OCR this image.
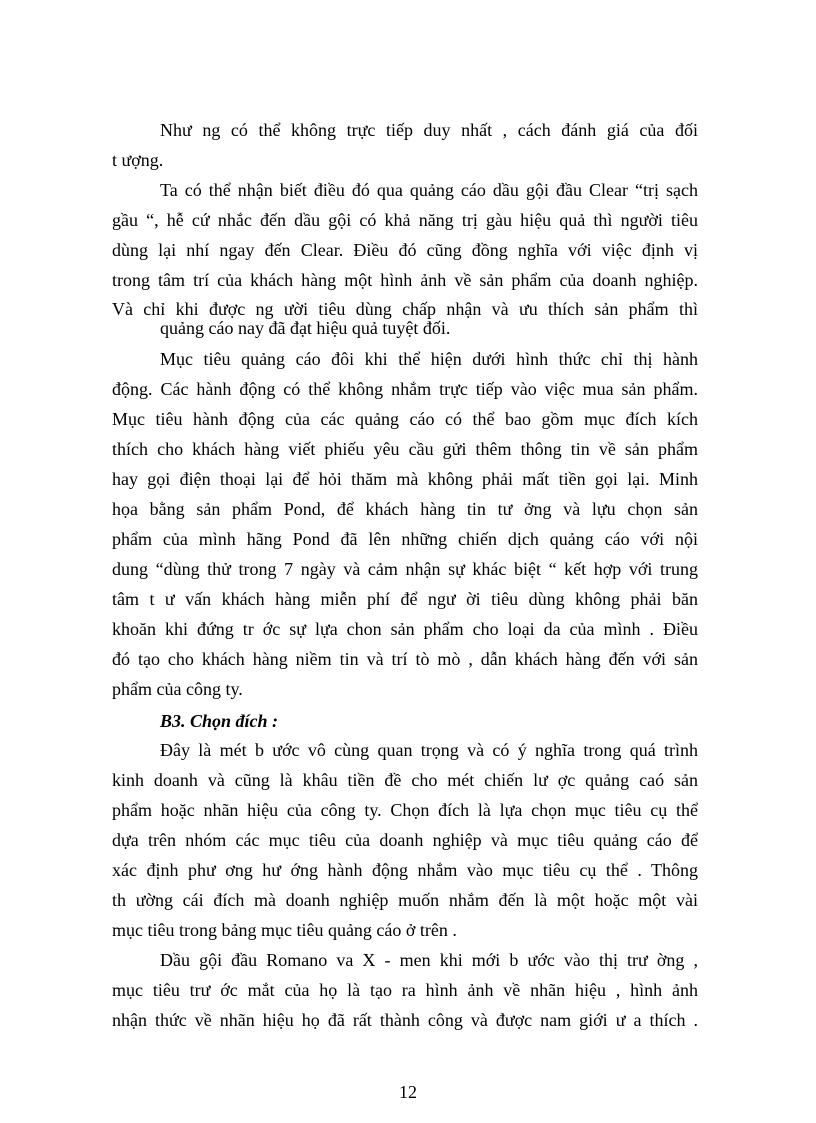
Như ng có thể không trực tiếp duy nhất , cách đánh giá của đối
t ượng.
Ta có thể nhận biết điều đó qua quảng cáo dầu gội đầu Clear “trị sạch
gầu “, hễ cứ nhắc đến dầu gội có khả năng trị gàu hiệu quả thì người tiêu
dùng lại nhí ngay đến Clear. Điều đó cũng đồng nghĩa với việc định vị
trong tâm trí của khách hàng một hình ảnh về sản phẩm của doanh nghiệp.
Và chỉ khi được ng ười tiêu dùng chấp nhận và ưu thích sản phẩm thì
quảng cáo nay đã đạt hiệu quả tuyệt đối.
Mục tiêu quảng cáo đôi khi thể hiện dưới hình thức chỉ thị hành
động. Các hành động có thể không nhắm trực tiếp vào việc mua sản phẩm.
Mục tiêu hành động của các quảng cáo có thể bao gồm mục đích kích
thích cho khách hàng viết phiếu yêu cầu gửi thêm thông tin về sản phẩm
hay gọi điện thoại lại để hỏi thăm mà không phải mất tiền gọi lại. Minh
họa bằng sản phẩm Pond, để khách hàng tin tư ởng và lựu chọn sản
phẩm của mình hãng Pond đã lên những chiến dịch quảng cáo với nội
dung “dùng thử trong 7 ngày và cảm nhận sự khác biệt “ kết hợp với trung
tâm t ư vấn khách hàng miễn phí để ngư ời tiêu dùng không phải băn
khoăn khi đứng tr ớc sự lựa chon sản phẩm cho loại da của mình . Điều
đó tạo cho khách hàng niềm tin và trí tò mò , dẫn khách hàng đến với sản
phẩm của công ty.
B3. Chọn đích :
Đây là mét b ước vô cùng quan trọng và có ý nghĩa trong quá trình
kinh doanh và cũng là khâu tiền đề cho mét chiến lư ợc quảng caó sản
phẩm hoặc nhãn hiệu của công ty. Chọn đích là lựa chọn mục tiêu cụ thể
dựa trên nhóm các mục tiêu của doanh nghiệp và mục tiêu quảng cáo để
xác định phư ơng hư ớng hành động nhắm vào mục tiêu cụ thể . Thông
th ường cái đích mà doanh nghiệp muốn nhắm đến là một hoặc một vài
mục tiêu trong bảng mục tiêu quảng cáo ở trên .
Dầu gội đầu Romano va X - men khi mới b ước vào thị trư ờng ,
mục tiêu trư ớc mắt của họ là tạo ra hình ảnh về nhãn hiệu , hình ảnh
nhận thức về nhãn hiệu họ đã rất thành công và được nam giới ư a thích .
12
